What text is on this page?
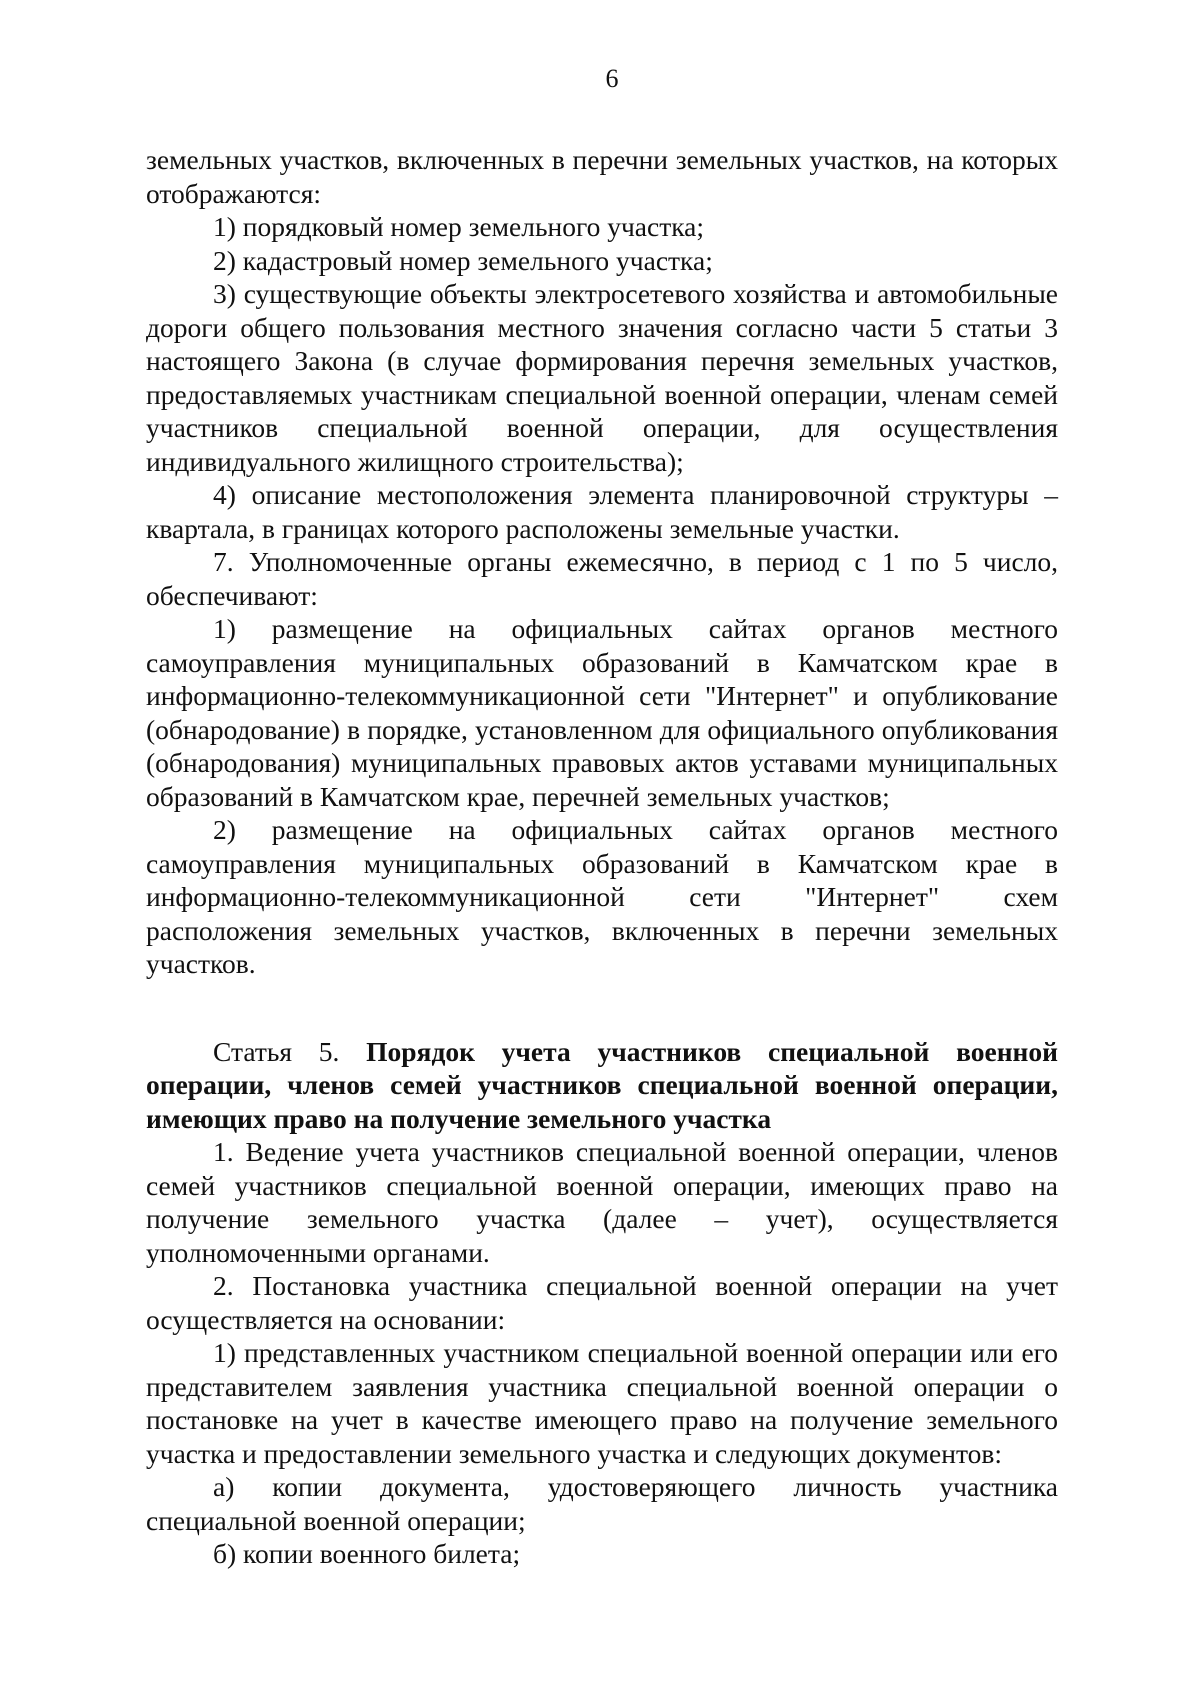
6

земельных участков, включенных в перечни земельных участков, на которых отображаются:

1) порядковый номер земельного участка;

2) кадастровый номер земельного участка;

3) существующие объекты электросетевого хозяйства и автомобильные дороги общего пользования местного значения согласно части 5 статьи 3 настоящего Закона (в случае формирования перечня земельных участков, предоставляемых участникам специальной военной операции, членам семей участников специальной военной операции, для осуществления индивидуального жилищного строительства);

4) описание местоположения элемента планировочной структуры – квартала, в границах которого расположены земельные участки.

7. Уполномоченные органы ежемесячно, в период с 1 по 5 число, обеспечивают:

1) размещение на официальных сайтах органов местного самоуправления муниципальных образований в Камчатском крае в информационно-телекоммуникационной сети "Интернет" и опубликование (обнародование) в порядке, установленном для официального опубликования (обнародования) муниципальных правовых актов уставами муниципальных образований в Камчатском крае, перечней земельных участков;

2) размещение на официальных сайтах органов местного самоуправления муниципальных образований в Камчатском крае в информационно-телекоммуникационной сети "Интернет" схем расположения земельных участков, включенных в перечни земельных участков.

Статья 5. Порядок учета участников специальной военной операции, членов семей участников специальной военной операции, имеющих право на получение земельного участка

1. Ведение учета участников специальной военной операции, членов семей участников специальной военной операции, имеющих право на получение земельного участка (далее – учет), осуществляется уполномоченными органами.

2. Постановка участника специальной военной операции на учет осуществляется на основании:

1) представленных участником специальной военной операции или его представителем заявления участника специальной военной операции о постановке на учет в качестве имеющего право на получение земельного участка и предоставлении земельного участка и следующих документов:

а) копии документа, удостоверяющего личность участника специальной военной операции;

б) копии военного билета;
